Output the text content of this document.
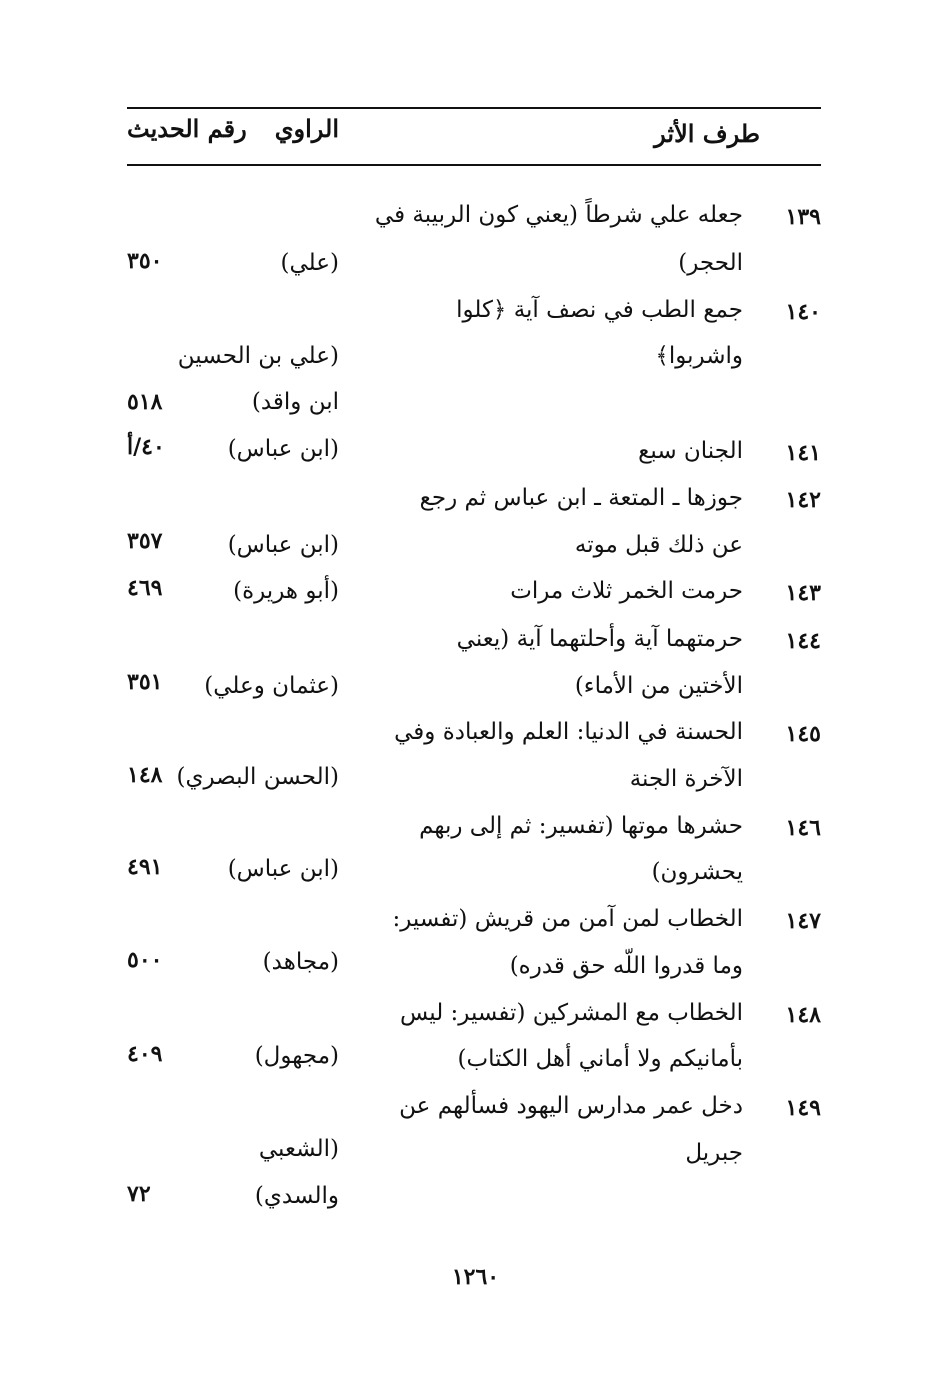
طرف الأثر
الراوي
رقم الحديث
١٣٩
جعله علي شرطاً (يعني كون الربيبة في
الحجر)
(علي)
٣٥٠
١٤٠
جمع الطب في نصف آية ﴿كلوا
واشربوا﴾
(علي بن الحسين
ابن واقد)
٥١٨
١٤١
الجنان سبع
(ابن عباس)
٤٠/أ
١٤٢
جوزها ـ المتعة ـ ابن عباس ثم رجع
عن ذلك قبل موته
(ابن عباس)
٣٥٧
١٤٣
حرمت الخمر ثلاث مرات
(أبو هريرة)
٤٦٩
١٤٤
حرمتهما آية وأحلتهما آية (يعني
الأختين من الأماء)
(عثمان وعلي)
٣٥١
١٤٥
الحسنة في الدنيا: العلم والعبادة وفي
الآخرة الجنة
(الحسن البصري)
١٤٨
١٤٦
حشرها موتها (تفسير: ثم إلى ربهم
يحشرون)
(ابن عباس)
٤٩١
١٤٧
الخطاب لمن آمن من قريش (تفسير:
وما قدروا اللّه حق قدره)
(مجاهد)
٥٠٠
١٤٨
الخطاب مع المشركين (تفسير: ليس
بأمانيكم ولا أماني أهل الكتاب)
(مجهول)
٤٠٩
١٤٩
دخل عمر مدارس اليهود فسألهم عن
جبريل
(الشعبي
والسدي)
٧٢
١٢٦٠
